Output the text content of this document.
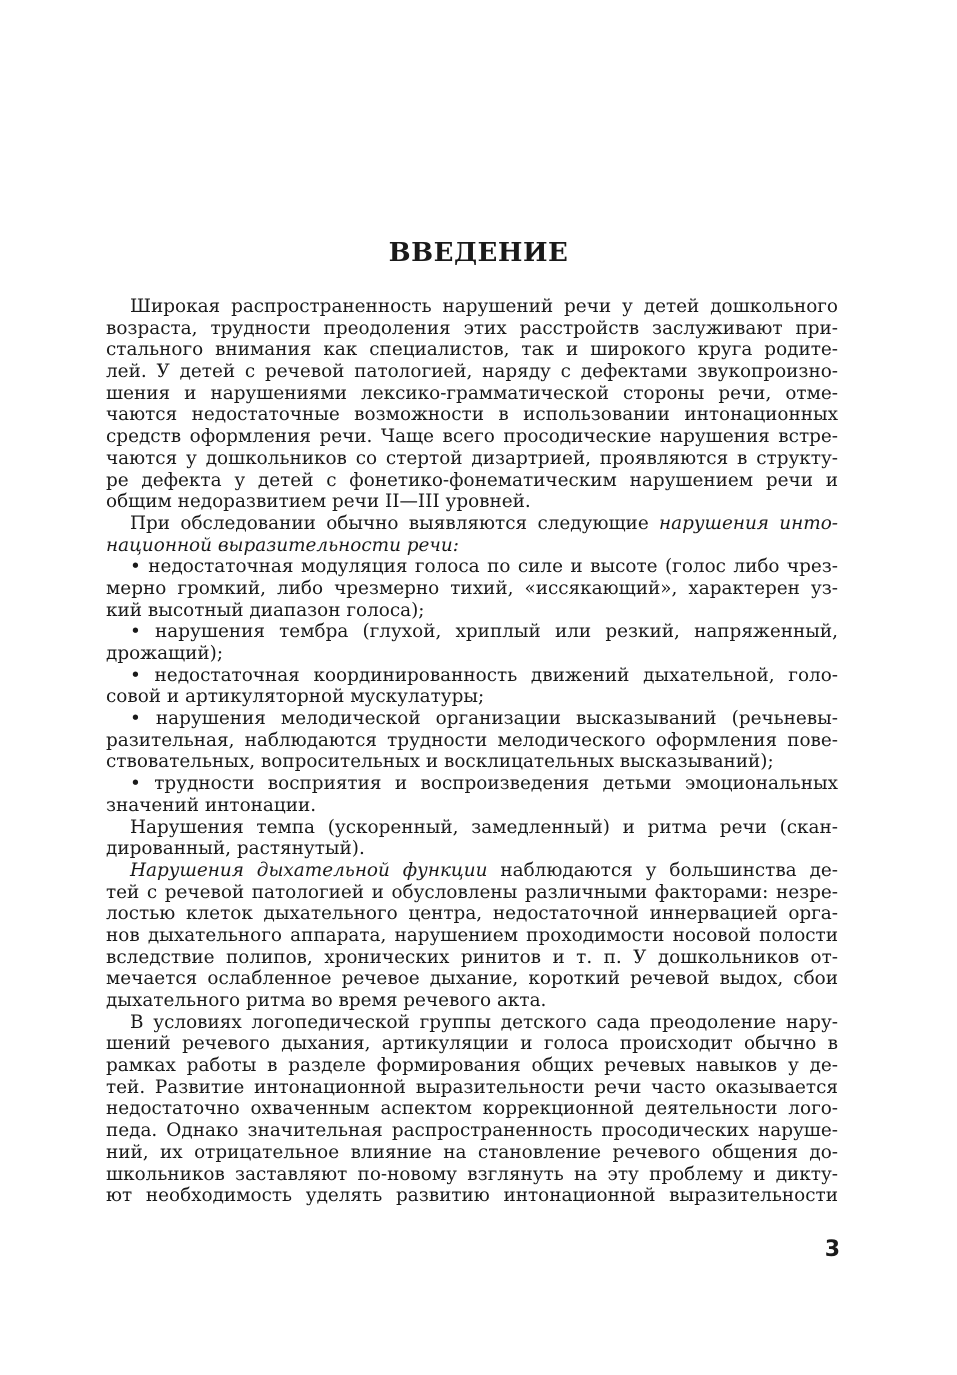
ВВЕДЕНИЕ
Широкая распространенность нарушений речи у детей дошкольного
возраста, трудности преодоления этих расстройств заслуживают при-
стального внимания как специалистов, так и широкого круга родите-
лей. У детей с речевой патологией, наряду с дефектами звукопроизно-
шения и нарушениями лексико-грамматической стороны речи, отме-
чаются недостаточные возможности в использовании интонационных
средств оформления речи. Чаще всего просодические нарушения встре-
чаются у дошкольников со стертой дизартрией, проявляются в структу-
ре дефекта у детей с фонетико-фонематическим нарушением речи и
общим недоразвитием речи II—III уровней.
При обследовании обычно выявляются следующие нарушения инто-
национной выразительности речи:
• недостаточная модуляция голоса по силе и высоте (голос либо чрез-
мерно громкий, либо чрезмерно тихий, «иссякающий», характерен уз-
кий высотный диапазон голоса);
• нарушения тембра (глухой, хриплый или резкий, напряженный,
дрожащий);
• недостаточная координированность движений дыхательной, голо-
совой и артикуляторной мускулатуры;
• нарушения мелодической организации высказываний (речьневы-
разительная, наблюдаются трудности мелодического оформления пове-
ствовательных, вопросительных и восклицательных высказываний);
• трудности восприятия и воспроизведения детьми эмоциональных
значений интонации.
Нарушения темпа (ускоренный, замедленный) и ритма речи (скан-
дированный, растянутый).
Нарушения дыхательной функции наблюдаются у большинства де-
тей с речевой патологией и обусловлены различными факторами: незре-
лостью клеток дыхательного центра, недостаточной иннервацией орга-
нов дыхательного аппарата, нарушением проходимости носовой полости
вследствие полипов, хронических ринитов и т. п. У дошкольников от-
мечается ослабленное речевое дыхание, короткий речевой выдох, сбои
дыхательного ритма во время речевого акта.
В условиях логопедической группы детского сада преодоление нару-
шений речевого дыхания, артикуляции и голоса происходит обычно в
рамках работы в разделе формирования общих речевых навыков у де-
тей. Развитие интонационной выразительности речи часто оказывается
недостаточно охваченным аспектом коррекционной деятельности лого-
педа. Однако значительная распространенность просодических наруше-
ний, их отрицательное влияние на становление речевого общения до-
школьников заставляют по-новому взглянуть на эту проблему и дикту-
ют необходимость уделять развитию интонационной выразительности
3
